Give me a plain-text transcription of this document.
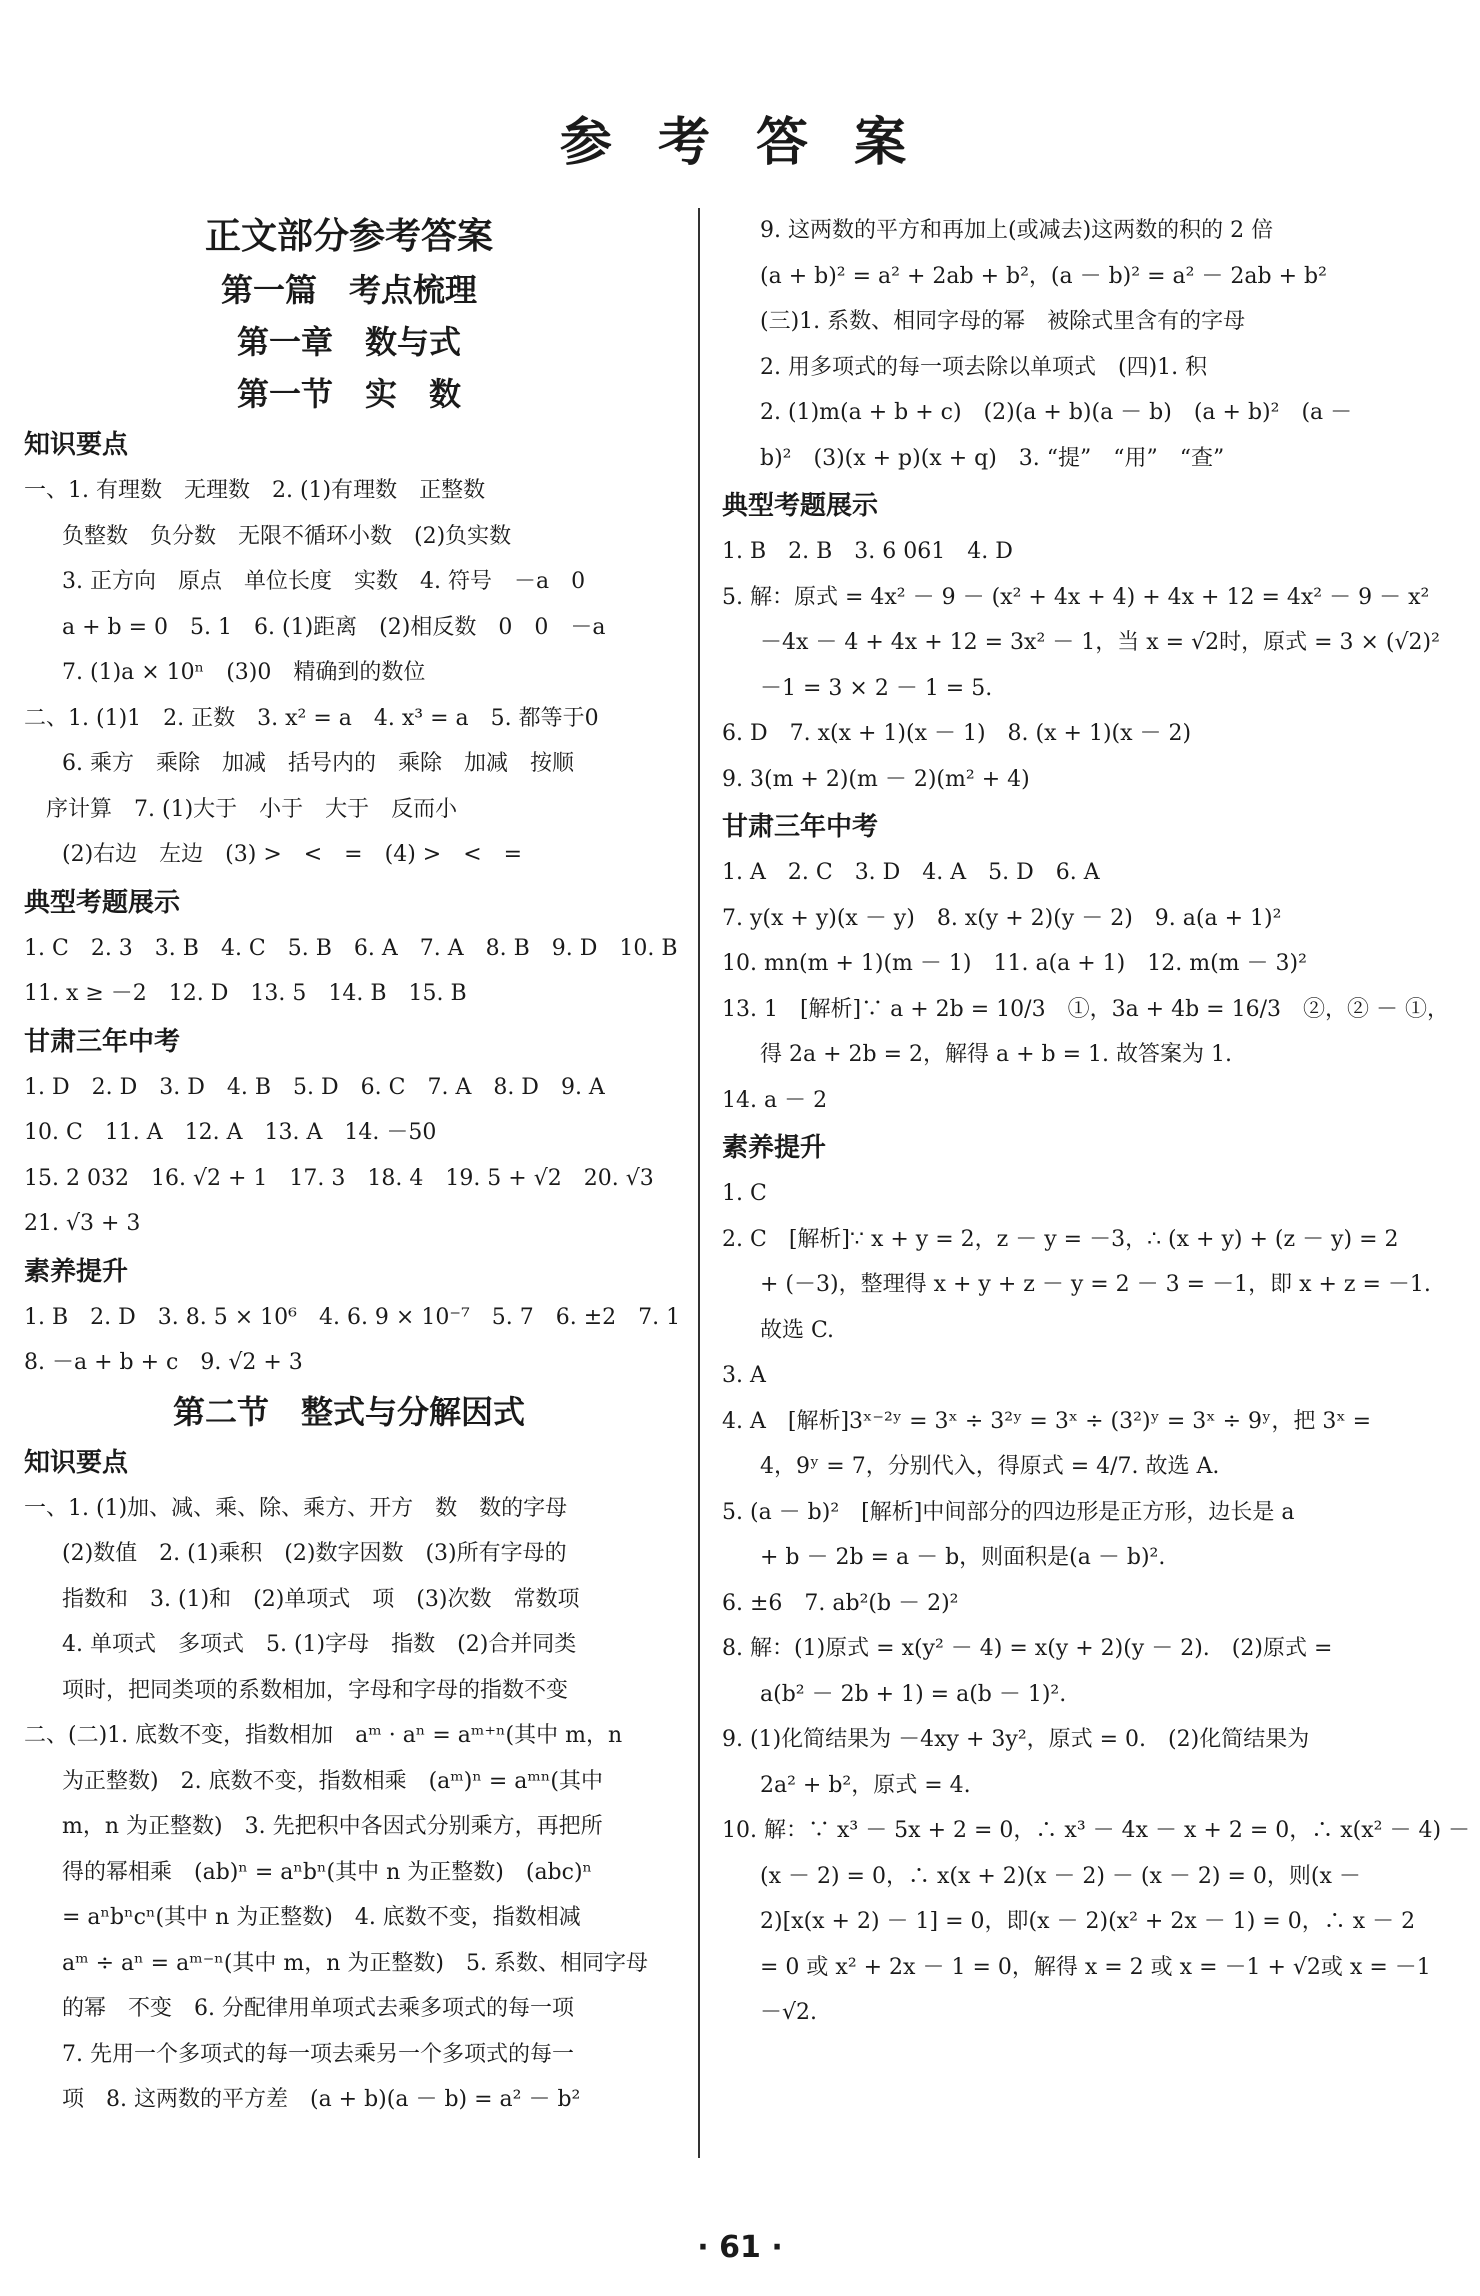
参 考 答 案
正文部分参考答案
第一篇　考点梳理
第一章　数与式
第一节　实　数
知识要点
一、1. 有理数　无理数　2. (1)有理数　正整数
负整数　负分数　无限不循环小数　(2)负实数
3. 正方向　原点　单位长度　实数　4. 符号　－a　0
a + b = 0　5. 1　6. (1)距离　(2)相反数　0　0　－a
7. (1)a × 10ⁿ　(3)0　精确到的数位
二、1. (1)1　2. 正数　3. x² = a　4. x³ = a　5. 都等于0
6. 乘方　乘除　加减　括号内的　乘除　加减　按顺
序计算　7. (1)大于　小于　大于　反而小
(2)右边　左边　(3) >　<　=　(4) >　<　=
典型考题展示
1. C　2. 3　3. B　4. C　5. B　6. A　7. A　8. B　9. D　10. B
11. x ≥ －2　12. D　13. 5　14. B　15. B
甘肃三年中考
1. D　2. D　3. D　4. B　5. D　6. C　7. A　8. D　9. A
10. C　11. A　12. A　13. A　14. －50
15. 2 032　16. √2 + 1　17. 3　18. 4　19. 5 + √2　20. √3
21. √3 + 3
素养提升
1. B　2. D　3. 8. 5 × 10⁶　4. 6. 9 × 10⁻⁷　5. 7　6. ±2　7. 1
8. －a + b + c　9. √2 + 3
第二节　整式与分解因式
知识要点
一、1. (1)加、减、乘、除、乘方、开方　数　数的字母
(2)数值　2. (1)乘积　(2)数字因数　(3)所有字母的
指数和　3. (1)和　(2)单项式　项　(3)次数　常数项
4. 单项式　多项式　5. (1)字母　指数　(2)合并同类
项时，把同类项的系数相加，字母和字母的指数不变
二、(二)1. 底数不变，指数相加　aᵐ · aⁿ = aᵐ⁺ⁿ(其中 m，n
为正整数)　2. 底数不变，指数相乘　(aᵐ)ⁿ = aᵐⁿ(其中
m，n 为正整数)　3. 先把积中各因式分别乘方，再把所
得的幂相乘　(ab)ⁿ = aⁿbⁿ(其中 n 为正整数)　(abc)ⁿ
= aⁿbⁿcⁿ(其中 n 为正整数)　4. 底数不变，指数相减
aᵐ ÷ aⁿ = aᵐ⁻ⁿ(其中 m，n 为正整数)　5. 系数、相同字母
的幂　不变　6. 分配律用单项式去乘多项式的每一项
7. 先用一个多项式的每一项去乘另一个多项式的每一
项　8. 这两数的平方差　(a + b)(a － b) = a² － b²
9. 这两数的平方和再加上(或减去)这两数的积的 2 倍
(a + b)² = a² + 2ab + b²，(a － b)² = a² － 2ab + b²
(三)1. 系数、相同字母的幂　被除式里含有的字母
2. 用多项式的每一项去除以单项式　(四)1. 积
2. (1)m(a + b + c)　(2)(a + b)(a － b)　(a + b)²　(a －
b)²　(3)(x + p)(x + q)　3. “提”　“用”　“查”
典型考题展示
1. B　2. B　3. 6 061　4. D
5. 解：原式 = 4x² － 9 － (x² + 4x + 4) + 4x + 12 = 4x² － 9 － x²
－4x － 4 + 4x + 12 = 3x² － 1，当 x = √2时，原式 = 3 × (√2)²
－1 = 3 × 2 － 1 = 5.
6. D　7. x(x + 1)(x － 1)　8. (x + 1)(x － 2)
9. 3(m + 2)(m － 2)(m² + 4)
甘肃三年中考
1. A　2. C　3. D　4. A　5. D　6. A
7. y(x + y)(x － y)　8. x(y + 2)(y － 2)　9. a(a + 1)²
10. mn(m + 1)(m － 1)　11. a(a + 1)　12. m(m － 3)²
13. 1　[解析]∵ a + 2b = 10/3　①，3a + 4b = 16/3　②，② － ①，
得 2a + 2b = 2，解得 a + b = 1. 故答案为 1.
14. a － 2
素养提升
1. C
2. C　[解析]∵ x + y = 2，z － y = －3，∴ (x + y) + (z － y) = 2
+ (－3)，整理得 x + y + z － y = 2 － 3 = －1，即 x + z = －1.
故选 C.
3. A
4. A　[解析]3ˣ⁻²ʸ = 3ˣ ÷ 3²ʸ = 3ˣ ÷ (3²)ʸ = 3ˣ ÷ 9ʸ，把 3ˣ =
4，9ʸ = 7，分别代入，得原式 = 4/7. 故选 A.
5. (a － b)²　[解析]中间部分的四边形是正方形，边长是 a
+ b － 2b = a － b，则面积是(a － b)².
6. ±6　7. ab²(b － 2)²
8. 解：(1)原式 = x(y² － 4) = x(y + 2)(y － 2).　(2)原式 =
a(b² － 2b + 1) = a(b － 1)².
9. (1)化简结果为 －4xy + 3y²，原式 = 0.　(2)化简结果为
2a² + b²，原式 = 4.
10. 解：∵ x³ － 5x + 2 = 0，∴ x³ － 4x － x + 2 = 0，∴ x(x² － 4) －
(x － 2) = 0，∴ x(x + 2)(x － 2) － (x － 2) = 0，则(x －
2)[x(x + 2) － 1] = 0，即(x － 2)(x² + 2x － 1) = 0，∴ x － 2
= 0 或 x² + 2x － 1 = 0，解得 x = 2 或 x = －1 + √2或 x = －1
－√2.
· 61 ·
